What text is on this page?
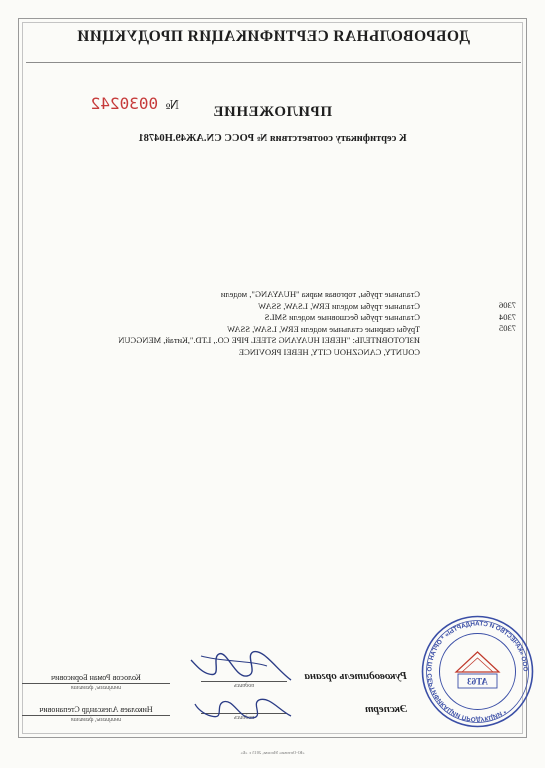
ДОБРОВОЛЬНАЯ СЕРТИФИКАЦИЯ ПРОДУКЦИИ
№ 0030242	ПРИЛОЖЕНИЕ
К сертификату соответствия № РОСС CN.АЖ49.Н04781
7306
7304
7305
Стальные трубы, торговая марка "HUAYANG", модели
Стальные трубы модели ERW, LSAW, SSAW
Стальные трубы бесшовные модели SMLS
Трубы сварные стальные модели ERW, LSAW, SSAW
ИЗГОТОВИТЕЛЬ: "HEBEI HUAYANG STEEL PIPE CO., LTD.",Китай, MENGCUN
COUNTY, CANGZHOU CITY, HEBEI PROVINCE
Руководитель органа
подпись
Колосов Роман Борисович
инициалы, фамилия
Эксперт
подпись
Николаев Александр Степанович
инициалы, фамилия
ООО «КАЧЕСТВО И СТАНДАРТЫ» * ОРГАН ПО СЕРТИФИКАЦИИ ПРОДУКЦИИ *
АТ63
«Ю-Оптима» Москва, 2015 г. «Б»
